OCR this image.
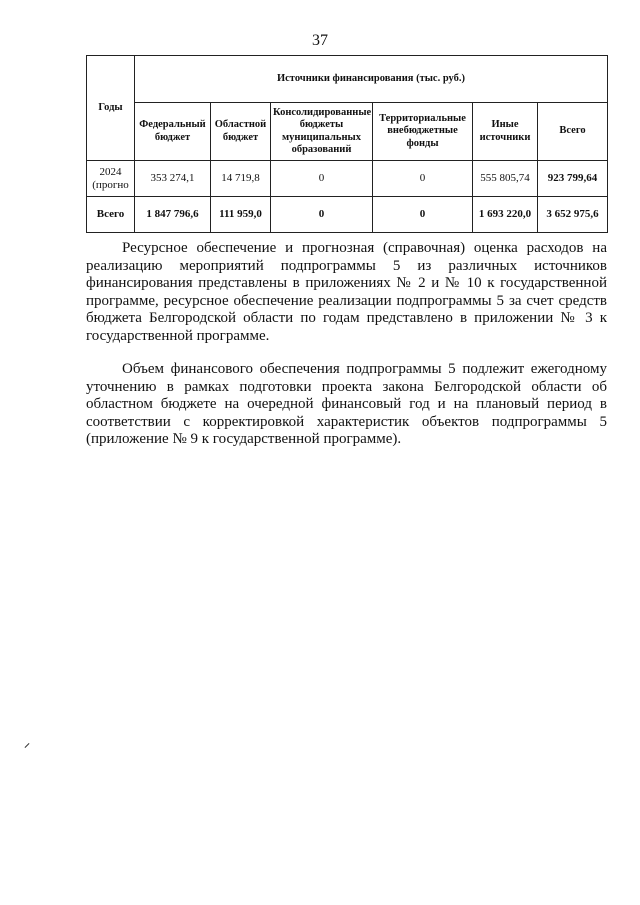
37
Годы	Источники финансирования (тыс. руб.)					
	Федеральный бюджет	Областной бюджет	Консолидированные бюджеты муниципальных образований	Территориальные внебюджетные фонды	Иные источники	Всего
2024 (прогно	353 274,1	14 719,8	0	0	555 805,74	923 799,64
Всего	1 847 796,6	111 959,0	0	0	1 693 220,0	3 652 975,6

Ресурсное обеспечение и прогнозная (справочная) оценка расходов на реализацию мероприятий подпрограммы 5 из различных источников финансирования представлены в приложениях № 2 и № 10 к государственной программе, ресурсное обеспечение реализации подпрограммы 5 за счет средств бюджета Белгородской области по годам представлено в приложении № 3 к государственной программе.

Объем финансового обеспечения подпрограммы 5 подлежит ежегодному уточнению в рамках подготовки проекта закона Белгородской области об областном бюджете на очередной финансовый год и на плановый период в соответствии с корректировкой характеристик объектов подпрограммы 5 (приложение № 9 к государственной программе).
